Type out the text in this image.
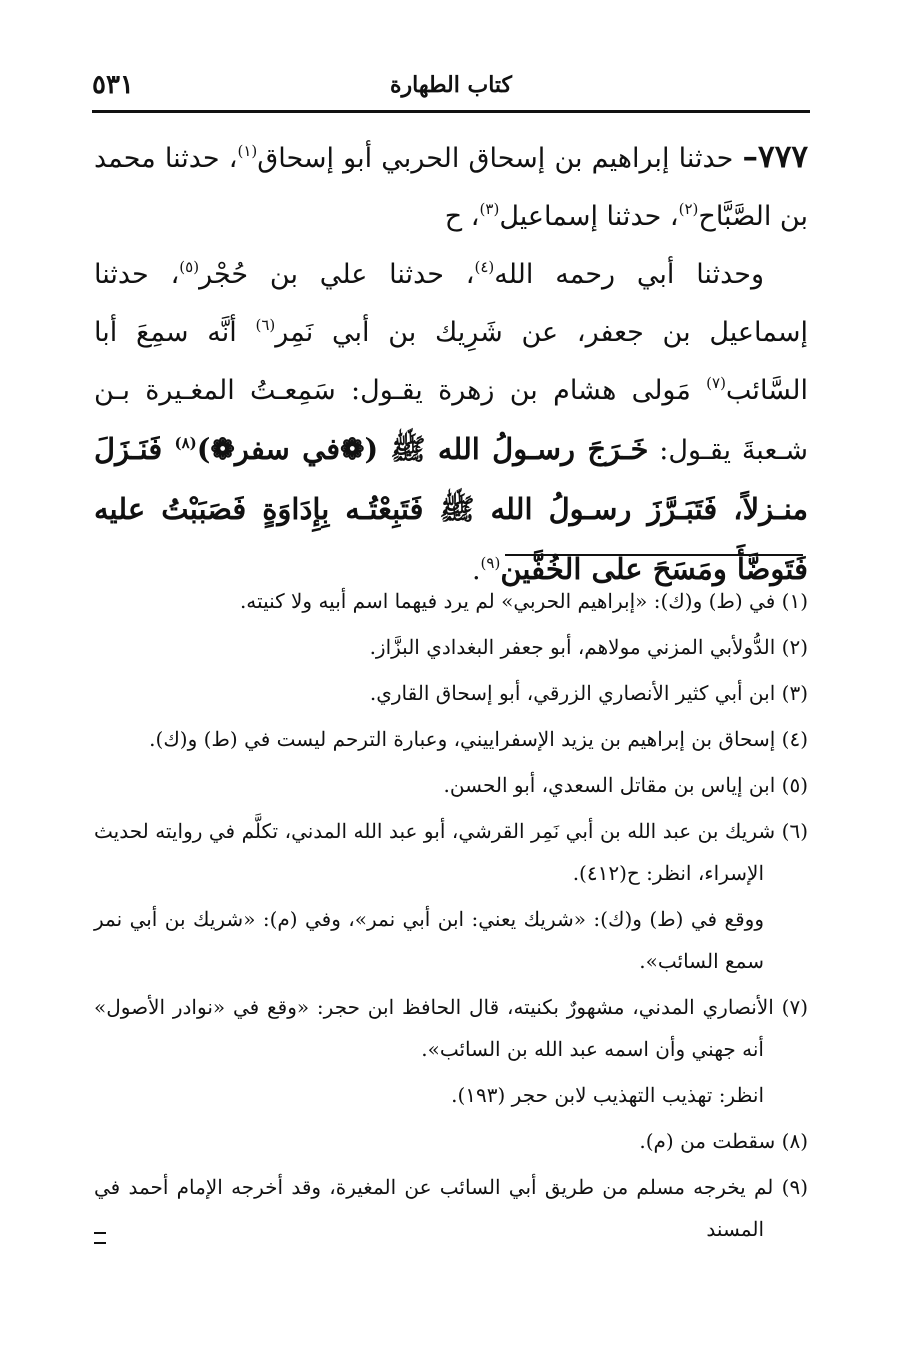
٥٣١	كتاب الطهارة

٧٧٧– حدثنا إبراهيم بن إسحاق الحربي أبو إسحاق$^{(١)}$، حدثنا محمد بن الصَّبَّاح$^{(٢)}$، حدثنا إسماعيل$^{(٣)}$، ح

وحدثنا أبي رحمه الله$^{(٤)}$، حدثنا علي بن حُجْر$^{(٥)}$، حدثنا إسماعيل بن جعفر، عن شَرِيك بن أبي نَمِر$^{(٦)}$ أنَّه سمِعَ أبا السَّائب$^{(٧)}$ مَولى هشام بن زهرة يقـول: سَمِعـتُ المغـيرة بـن شـعبةَ يقـول: خَـرَجَ رسـولُ الله ﷺ (❁في سفر❁)$^{(٨)}$ فَنَـزَلَ منـزلاً، فَتَبَـرَّزَ رسـولُ الله ﷺ فَتَبِعْتُـه بِإِدَاوَةٍ فَصَبَبْتُ عليه فَتَوضَّأَ ومَسَحَ على الخُفَّين$^{(٩)}$.

(١) في (ط) و(ك): «إبراهيم الحربي» لم يرد فيهما اسم أبيه ولا كنيته.

(٢) الدُّولأبي المزني مولاهم، أبو جعفر البغدادي البزَّاز.

(٣) ابن أبي كثير الأنصاري الزرقي، أبو إسحاق القاري.

(٤) إسحاق بن إبراهيم بن يزيد الإسفراييني، وعبارة الترحم ليست في (ط) و(ك).

(٥) ابن إياس بن مقاتل السعدي، أبو الحسن.

(٦) شريك بن عبد الله بن أبي نَمِر القرشي، أبو عبد الله المدني، تكلَّم في روايته لحديث الإسراء، انظر: ح(٤١٢).

ووقع في (ط) و(ك): «شريك يعني: ابن أبي نمر»، وفي (م): «شريك بن أبي نمر سمع السائب».

(٧) الأنصاري المدني، مشهورٌ بكنيته، قال الحافظ ابن حجر: «وقع في «نوادر الأصول» أنه جهني وأن اسمه عبد الله بن السائب».

انظر: تهذيب التهذيب لابن حجر (١٩٣).

(٨) سقطت من (م).

(٩) لم يخرجه مسلم من طريق أبي السائب عن المغيرة، وقد أخرجه الإمام أحمد في المسند
